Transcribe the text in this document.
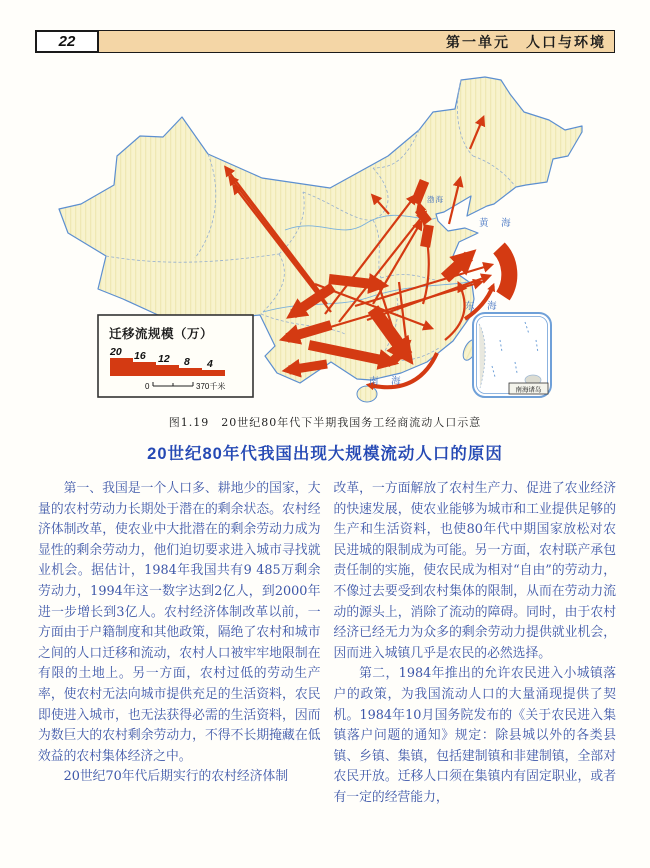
22	第一单元　人口与环境
渤海
黄 海
东 海
南 海
迁移流规模（万）
20 16 12 8 4
0	370千米	南海诸岛
图1.19　20世纪80年代下半期我国务工经商流动人口示意
20世纪80年代我国出现大规模流动人口的原因

第一、我国是一个人口多、耕地少的国家，大量的农村劳动力长期处于潜在的剩余状态。农村经济体制改革，使农业中大批潜在的剩余劳动力成为显性的剩余劳动力，他们迫切要求进入城市寻找就业机会。据估计，1984年我国共有9 485万剩余劳动力，1994年这一数字达到2亿人，到2000年进一步增长到3亿人。农村经济体制改革以前，一方面由于户籍制度和其他政策，隔绝了农村和城市之间的人口迁移和流动，农村人口被牢牢地限制在有限的土地上。另一方面，农村过低的劳动生产率，使农村无法向城市提供充足的生活资料，农民即使进入城市，也无法获得必需的生活资料，因而为数巨大的农村剩余劳动力，不得不长期掩藏在低效益的农村集体经济之中。

20世纪70年代后期实行的农村经济体制

改革，一方面解放了农村生产力、促进了农业经济的快速发展，使农业能够为城市和工业提供足够的生产和生活资料，也使80年代中期国家放松对农民进城的限制成为可能。另一方面，农村联产承包责任制的实施，使农民成为相对“自由”的劳动力，不像过去要受到农村集体的限制，从而在劳动力流动的源头上，消除了流动的障碍。同时，由于农村经济已经无力为众多的剩余劳动力提供就业机会，因而进入城镇几乎是农民的必然选择。

第二，1984年推出的允许农民进入小城镇落户的政策，为我国流动人口的大量涌现提供了契机。1984年10月国务院发布的《关于农民进入集镇落户问题的通知》规定：除县城以外的各类县镇、乡镇、集镇，包括建制镇和非建制镇，全部对农民开放。迁移人口须在集镇内有固定职业，或者有一定的经营能力，
